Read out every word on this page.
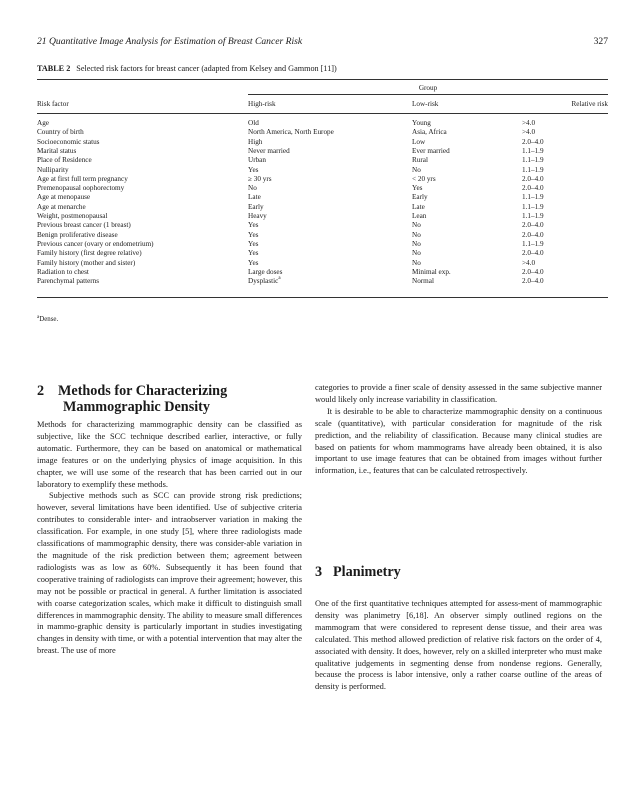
21 Quantitative Image Analysis for Estimation of Breast Cancer Risk	327
TABLE 2 Selected risk factors for breast cancer (adapted from Kelsey and Gammon [11])
Group
Risk factor	High-risk	Low-risk	Relative risk
Age	Old	Young	>4.0
Country of birth	North America, North Europe	Asia, Africa	>4.0
Socioeconomic status	High	Low	2.0–4.0
Marital status	Never married	Ever married	1.1–1.9
Place of Residence	Urban	Rural	1.1–1.9
Nulliparity	Yes	No	1.1–1.9
Age at first full term pregnancy	≥ 30 yrs	< 20 yrs	2.0–4.0
Premenopausal oophorectomy	No	Yes	2.0–4.0
Age at menopause	Late	Early	1.1–1.9
Age at menarche	Early	Late	1.1–1.9
Weight, postmenopausal	Heavy	Lean	1.1–1.9
Previous breast cancer (1 breast)	Yes	No	2.0–4.0
Benign proliferative disease	Yes	No	2.0–4.0
Previous cancer (ovary or endometrium)	Yes	No	1.1–1.9
Family history (first degree relative)	Yes	No	2.0–4.0
Family history (mother and sister)	Yes	No	>4.0
Radiation to chest	Large doses	Minimal exp.	2.0–4.0
Parenchymal patterns	Dysplastic$^a$	Normal	2.0–4.0
$^a$Dense.
2 Methods for Characterizing
Mammographic Density

Methods for characterizing mammographic density can be classified as subjective, like the SCC technique described earlier, interactive, or fully automatic. Furthermore, they can be based on anatomical or mathematical image features or on the underlying physics of image acquisition. In this chapter, we will use some of the research that has been carried out in our laboratory to exemplify these methods.

Subjective methods such as SCC can provide strong risk predictions; however, several limitations have been identified. Use of subjective criteria contributes to considerable inter- and intraobserver variation in making the classification. For example, in one study [5], where three radiologists made classifications of mammographic density, there was consider-able variation in the magnitude of the risk prediction between them; agreement between radiologists was as low as 60%. Subsequently it has been found that cooperative training of radiologists can improve their agreement; however, this may not be possible or practical in general. A further limitation is associated with coarse categorization scales, which make it difficult to distinguish small differences in mammographic density. The ability to measure small differences in mammo-graphic density is particularly important in studies investigating changes in density with time, or with a potential intervention that may alter the breast. The use of more

categories to provide a finer scale of density assessed in the same subjective manner would likely only increase variability in classification.

It is desirable to be able to characterize mammographic density on a continuous scale (quantitative), with particular consideration for magnitude of the risk prediction, and the reliability of classification. Because many clinical studies are based on patients for whom mammograms have already been obtained, it is also important to use image features that can be obtained from images without further information, i.e., features that can be calculated retrospectively.

3 Planimetry

One of the first quantitative techniques attempted for assess-ment of mammographic density was planimetry [6,18]. An observer simply outlined regions on the mammogram that were considered to represent dense tissue, and their area was calculated. This method allowed prediction of relative risk factors on the order of 4, associated with density. It does, however, rely on a skilled interpreter who must make qualitative judgements in segmenting dense from nondense regions. Generally, because the process is labor intensive, only a rather coarse outline of the areas of density is performed.
